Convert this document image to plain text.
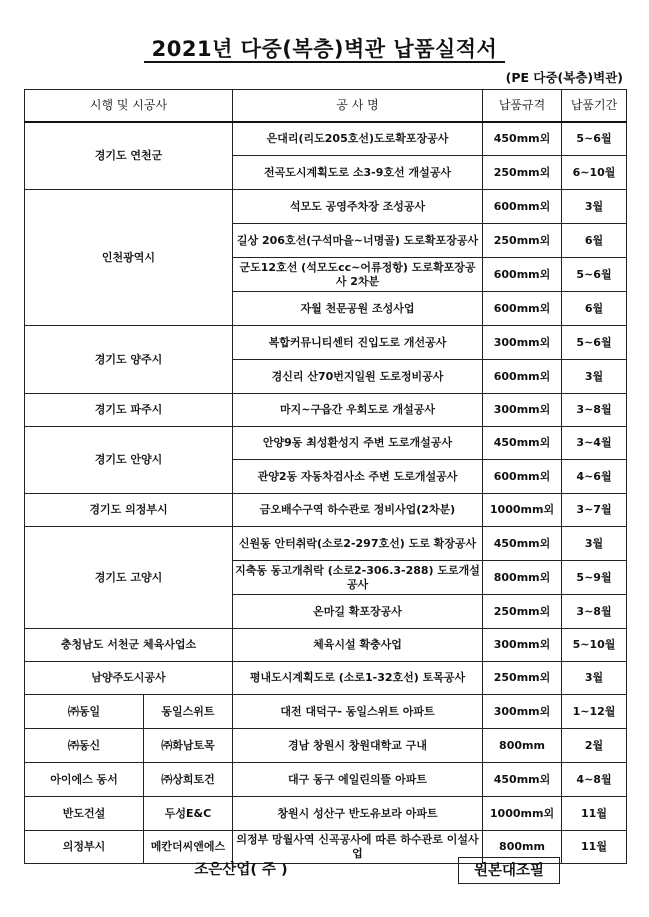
2021년 다중(복층)벽관 납품실적서
(PE 다중(복층)벽관)
시행 및 시공사		공 사 명	납품규격	납품기간
경기도 연천군		은대리(리도205호선)도로확포장공사	450mm외	5~6월
		전곡도시계획도로 소3-9호선 개설공사	250mm외	6~10월
인천광역시		석모도 공영주차장 조성공사	600mm외	3월
		길상 206호선(구석마을~너명골) 도로확포장공사	250mm외	6월
		군도12호선 (석모도cc~어류정항) 도로확포장공사 2차분	600mm외	5~6월
		자월 천문공원 조성사업	600mm외	6월
경기도 양주시		복합커뮤니티센터 진입도로 개선공사	300mm외	5~6월
		경신리 산70번지일원 도로정비공사	600mm외	3월
경기도 파주시		마지~구읍간 우회도로 개설공사	300mm외	3~8월
경기도 안양시		안양9동 최성환성지 주변 도로개설공사	450mm외	3~4월
		관양2동 자동차검사소 주변 도로개설공사	600mm외	4~6월
경기도 의정부시		금오배수구역 하수관로 정비사업(2차분)	1000mm외	3~7월
경기도 고양시		신원동 안터취락(소로2-297호선) 도로 확장공사	450mm외	3월
		지축동 동고개취락 (소로2-306.3-288) 도로개설공사	800mm외	5~9월
		온마길 확포장공사	250mm외	3~8월
충청남도 서천군 체육사업소		체육시설 확충사업	300mm외	5~10월
남양주도시공사		평내도시계획도로 (소로1-32호선) 토목공사	250mm외	3월
㈜동일	동일스위트	대전 대덕구- 동일스위트 아파트	300mm외	1~12월
㈜동신	㈜화남토목	경남 창원시 창원대학교 구내	800mm	2월
아이에스 동서	㈜상희토건	대구 동구 에일린의뜰 아파트	450mm외	4~8월
반도건설	두성E&C	창원시 성산구 반도유보라 아파트	1000mm외	11월
의정부시	메칸더씨앤에스	의정부 망월사역 신곡공사에 따른 하수관로 이설사업	800mm	11월
조은산업( 주 )	원본대조필
